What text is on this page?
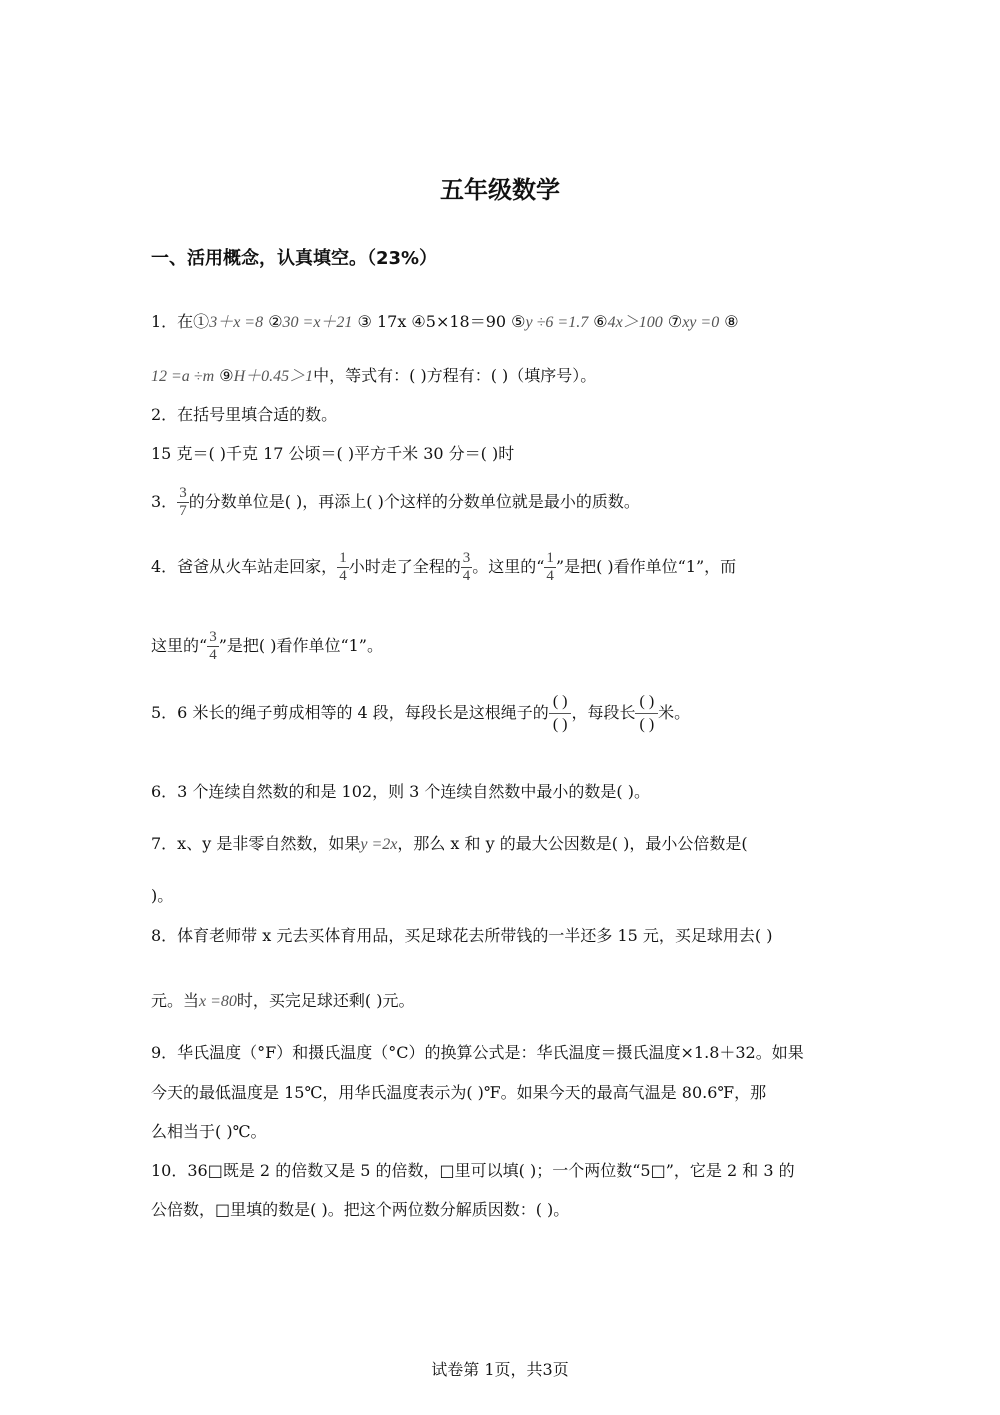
五年级数学
一、活用概念，认真填空。（23%）
1．在①3＋x =8 ②30 =x＋21 ③ 17x ④5×18＝90 ⑤y ÷6 =1.7 ⑥4x＞100 ⑦xy =0 ⑧
12 =a ÷m ⑨H＋0.45＞1中，等式有：( )方程有：( )（填序号）。
2．在括号里填合适的数。
15 克＝( )千克 17 公顷＝( )平方千米 30 分＝( )时
3． $\frac{3}{7}$ 的分数单位是( )，再添上( )个这样的分数单位就是最小的质数。
4．爸爸从火车站走回家， $\frac{1}{4}$ 小时走了全程的 $\frac{3}{4}$ 。这里的“ $\frac{1}{4}$ ”是把( )看作单位“1”，而
这里的“ $\frac{3}{4}$ ”是把( )看作单位“1”。
5．6 米长的绳子剪成相等的 4 段，每段长是这根绳子的
( )
( )
，每段长
( )
( )
米。
6．3 个连续自然数的和是 102，则 3 个连续自然数中最小的数是( )。
7．x、y 是非零自然数，如果y =2x，那么 x 和 y 的最大公因数是( )，最小公倍数是(
)。
8．体育老师带 x 元去买体育用品，买足球花去所带钱的一半还多 15 元，买足球用去( )
元。当x =80时，买完足球还剩( )元。
9．华氏温度（°F）和摄氏温度（°C）的换算公式是：华氏温度＝摄氏温度×1.8＋32。如果
今天的最低温度是 15℃，用华氏温度表示为( )℉。如果今天的最高气温是 80.6℉，那
么相当于( )℃。
10．36□既是 2 的倍数又是 5 的倍数，□里可以填( )；一个两位数“5□”，它是 2 和 3 的
公倍数，□里填的数是( )。把这个两位数分解质因数：( )。
试卷第 1页，共3页
